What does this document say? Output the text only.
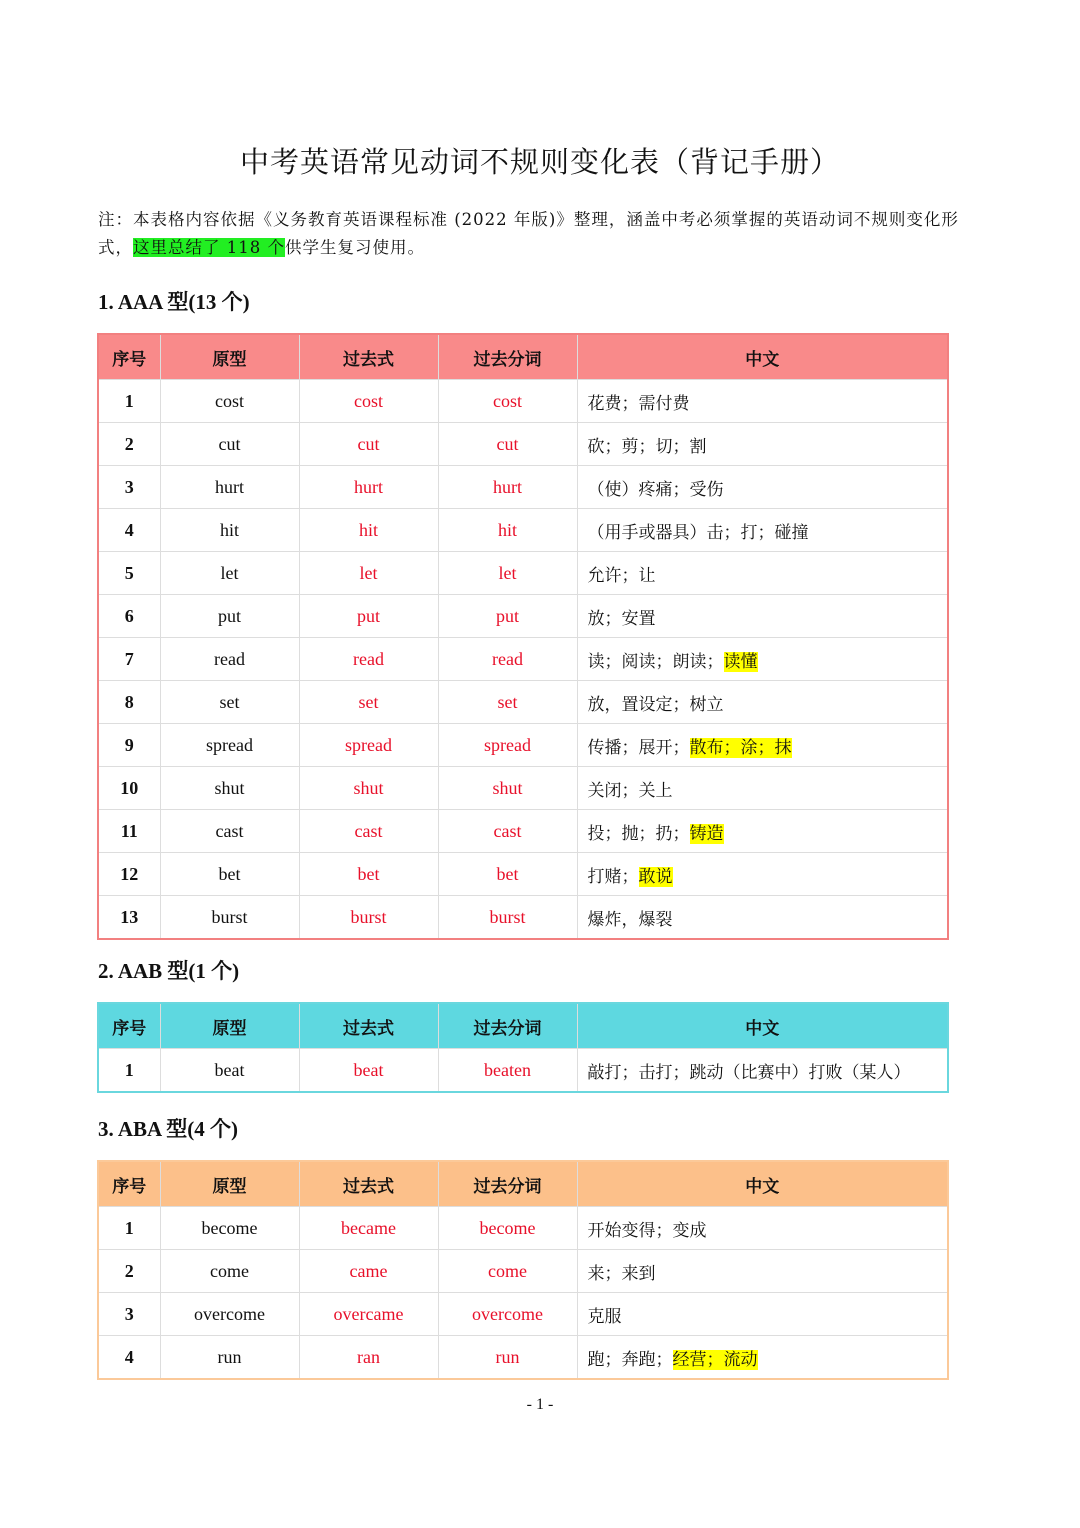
中考英语常见动词不规则变化表（背记手册）

注：本表格内容依据《义务教育英语课程标准 (2022 年版)》整理，涵盖中考必须掌握的英语动词不规则变化形式，这里总结了 118 个供学生复习使用。

1. AAA 型(13 个)
序号	原型	过去式	过去分词	中文
1	cost	cost	cost	花费；需付费
2	cut	cut	cut	砍；剪；切；割
3	hurt	hurt	hurt	（使）疼痛；受伤
4	hit	hit	hit	（用手或器具）击；打；碰撞
5	let	let	let	允许；让
6	put	put	put	放；安置
7	read	read	read	读；阅读；朗读；读懂
8	set	set	set	放，置设定；树立
9	spread	spread	spread	传播；展开；散布；涂；抹
10	shut	shut	shut	关闭；关上
11	cast	cast	cast	投；抛；扔；铸造
12	bet	bet	bet	打赌；敢说
13	burst	burst	burst	爆炸，爆裂
2. AAB 型(1 个)
序号	原型	过去式	过去分词	中文
1	beat	beat	beaten	敲打；击打；跳动（比赛中）打败（某人）
3. ABA 型(4 个)
序号	原型	过去式	过去分词	中文
1	become	became	become	开始变得；变成
2	come	came	come	来；来到
3	overcome	overcame	overcome	克服
4	run	ran	run	跑；奔跑；经营；流动

- 1 -
